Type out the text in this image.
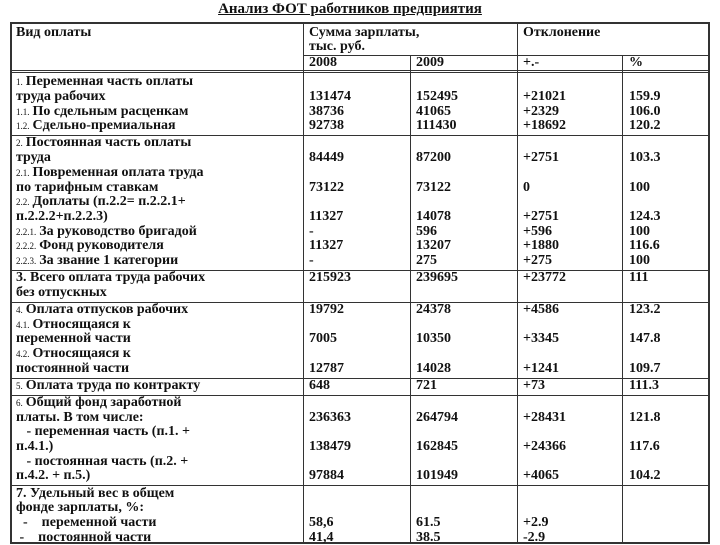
Анализ ФОТ работников предприятия
Вид оплаты	Сумма зарплаты,
тыс. руб.
Отклонение
2008	2009	+.-	%
1. Переменная часть оплаты
труда рабочих	131474	152495	+21021	159.9
1.1. По сдельным расценкам	38736	41065	+2329	106.0
1.2. Сдельно-премиальная	92738	111430	+18692	120.2
2. Постоянная часть оплаты
труда	84449	87200	+2751	103.3
2.1. Повременная оплата труда
по тарифным ставкам	73122	73122	0	100
2.2. Доплаты (п.2.2= п.2.2.1+
п.2.2.2+п.2.2.3)	11327	14078	+2751	124.3
2.2.1. За руководство бригадой	-	596	+596	100
2.2.2. Фонд руководителя	11327	13207	+1880	116.6
2.2.3. За звание 1 категории	-	275	+275	100
3. Всего оплата труда рабочих	215923	239695	+23772	111
без отпускных
4. Оплата отпусков рабочих	19792	24378	+4586	123.2
4.1. Относящаяся к
переменной части	7005	10350	+3345	147.8
4.2. Относящаяся к
постоянной части	12787	14028	+1241	109.7
5. Оплата труда по контракту	648	721	+73	111.3
6. Общий фонд заработной
платы. В том числе:	236363	264794	+28431	121.8
- переменная часть (п.1. +
п.4.1.)	138479	162845	+24366	117.6
- постоянная часть (п.2. +
п.4.2. + п.5.)	97884	101949	+4065	104.2
7. Удельный вес в общем
фонде зарплаты, %:
-    переменной части	58,6	61.5	+2.9
-    постоянной части	41,4	38.5	-2.9
